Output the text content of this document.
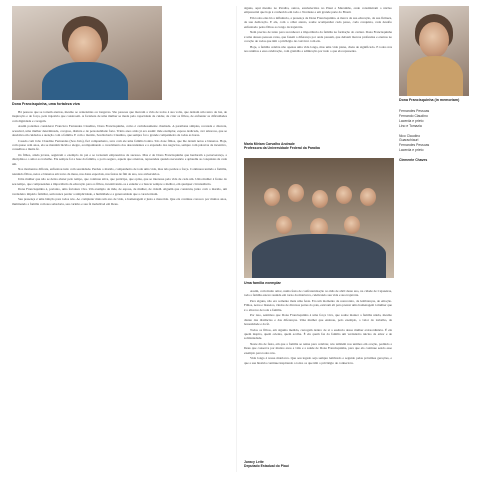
Dona Francisquinha, uma fortaleza viva
Dona Francisquinha (in memoriam)
Fernandes Pessoas
Fernando Claudino
Lacerda e prieto
Lino e Tomazia
Nico Claudino
Guarachiauri
Fernandes Pessoas
Lacerda e prieto
Clemente Chaves

Há pessoas que se tornam eternas, mesmo se centenárias ou longevas. São pessoas que marcam a vida de todos à sua volta, que deixam um rastro de luz, de inspiração e de força, pela trajetória que constroem. A fortaleza de uma mulher se mede pela capacidade de cuidar, de criar os filhos, de enfrentar as dificuldades com dignidade e coragem.

Assim podemos considerar Francisca Fernandes Claudino, Dona Francisquinha, como é carinhosamente chamada. A paraibana simples, recatada e discreta, acessível, uma mulher determinada, corajosa, distinta e de personalidade forte. Trinta anos atrás já era assim: mãe exemplar, esposa dedicada, avó amorosa, que se desdobra em cuidados e atenção com a família. E com o marido, Seu Roberto Claudino, que sempre foi o grande companheiro de todas as horas.

Casada com João Claudino Fernandes (Seu João), fiel companheiro, teve com ele uma família bonita. São doze filhos, que lhe deram netos e bisnetos. Hoje, com quase cem anos, ela se mantém lúcida e alegre, acompanhando o crescimento dos descendentes e a expansão dos negócios, sempre com palavras de incentivo, conselhos e muita fé.

Os filhos, ainda jovens, seguiram o exemplo do pai e se tornaram empresários de sucesso. Mas é de Dona Francisquinha que herdaram a perseverança, a disciplina e o amor ao trabalho. Ela sempre foi a base da família, o porto seguro, aquela que orientou, repreendeu quando necessário e aplaudiu as conquistas de cada um.

Nos momentos difíceis, enfrentou tudo com serenidade. Perdeu o marido, companheiro de toda uma vida, mas não perdeu a força. Continuou unindo a família, reunindo filhos, netos e bisnetos em torno da mesa, nas datas especiais, nas festas de fim de ano, nos aniversários.

Uma mulher que não se deixa abater pelo tempo, que continua ativa, que participa, que opina, que se interessa pela vida de cada um. Uma mulher à frente do seu tempo, que compreendeu a importância da educação para os filhos, incentivando-os a estudar e a buscar sempre o melhor, em qualquer circunstância.

Dona Francisquinha é, portanto, uma fortaleza viva. Um exemplo de mãe, de esposa, de mulher, de cidadã. Alguém que construiu, junto com o marido, um verdadeiro império familiar, sem nunca perder a simplicidade, a humildade e a generosidade que a caracterizam.

Sua presença é uma bênção para todos nós. Ao completar mais um ano de vida, a homenagem é justa e merecida. Que ela continue conosco por muitos anos, iluminando a família com sua sabedoria, seu carinho e sua fé inabalável em Deus.

alguns, aqui mesmo no Paraíba, outros, estabelecidos no Piauí e Maranhão, onde constituíram o núcleo empresarial que hoje é conhecido em todo o Nordeste e em grande parte do Brasil.

Em todos eles há a influência, a presença de Dona Francisquinha. A marca da sua educação, da sua firmeza, da sua dedicação. E ela, com o olhar atento, soube acompanhar cada passo, cada conquista, cada desafio enfrentado pelos filhos ao longo da trajetória.

Nem preciso de tanto para reconhecer a importância da família na formação do caráter. Dona Francisquinha é uma dessas pessoas raras, que fazem a diferença por onde passam, que deixam marcas profundas e eternas no coração de todos que têm o privilégio de conviver com ela.

Hoje, a família celebra não apenas uma vida longa, mas uma vida plena, cheia de significado. E todos nós nos unimos a essa celebração, com gratidão e admiração por tudo o que ela representa.

Maria Miriam Carvalho Andrade
Professora da Universidade Federal da Paraíba
Uma família exemplar

Assim, com muito amor, numa festa de confraternização no mês de abril deste ano, na cidade de Cajazeiras, toda a família esteve reunida em torno da matriarca, celebrando sua vida e sua trajetória.

Para alguns, não era somente mais uma festa. Era um momento de reencontro, de lembranças, de emoção. Filhos, netos e bisnetos, vindos de diversas partes do país, estavam ali para prestar uma homenagem à mulher que é o alicerce de toda a família.

Por isso, sentimos que Dona Francisquinha é uma força viva, que soube manter a família unida, mesmo diante das distâncias e das diferenças. Uma mulher que ensinou, pelo exemplo, o valor do trabalho, da honestidade e da fé.

Todos os filhos, em alguma medida, carregam dentro de si a essência dessa mulher extraordinária. É ela quem inspira, quem orienta, quem acolhe. É ela quem faz da família um verdadeiro núcleo de amor e de solidariedade.

Neste dia de festa, em que a família se reúne para celebrar, nós também nos unimos em oração, pedindo a Deus que conserve por muitos anos a vida e a saúde de Dona Francisquinha, para que ela continue sendo esse exemplo para todos nós.

Vida longa à nossa matriarca. Que seu legado seja sempre lembrado e seguido pelas próximas gerações, e que a sua história continue inspirando a todos os que têm o privilégio de conhecê-la.

Juracy Leite
Deputado Estadual do Piauí
